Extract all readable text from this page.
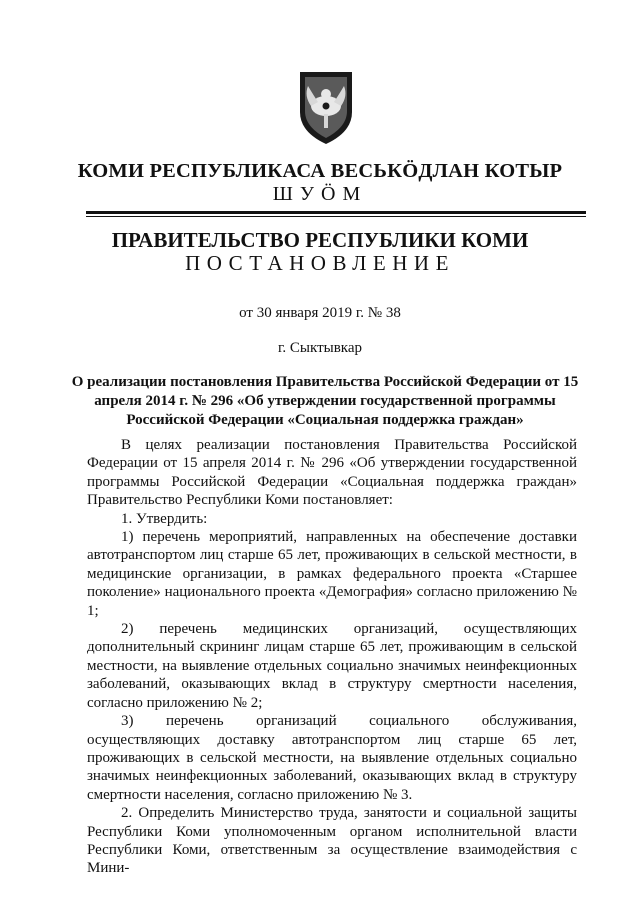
КОМИ РЕСПУБЛИКАСА ВЕСЬКӦДЛАН КОТЫР
ШУӦМ
ПРАВИТЕЛЬСТВО РЕСПУБЛИКИ КОМИ
ПОСТАНОВЛЕНИЕ
от 30 января 2019 г. № 38
г. Сыктывкар
О реализации постановления Правительства Российской Федерации от 15 апреля 2014 г. № 296 «Об утверждении государственной программы Российской Федерации «Социальная поддержка граждан»

В целях реализации постановления Правительства Российской Федерации от 15 апреля 2014 г. № 296 «Об утверждении государственной программы Российской Федерации «Социальная поддержка граждан» Правительство Республики Коми постановляет:

1. Утвердить:

1) перечень мероприятий, направленных на обеспечение доставки автотранспортом лиц старше 65 лет, проживающих в сельской местности, в медицинские организации, в рамках федерального проекта «Старшее поколение» национального проекта «Демография» согласно приложению № 1;

2) перечень медицинских организаций, осуществляющих дополнительный скрининг лицам старше 65 лет, проживающим в сельской местности, на выявление отдельных социально значимых неинфекционных заболеваний, оказывающих вклад в структуру смертности населения, согласно приложению № 2;

3) перечень организаций социального обслуживания, осуществляющих доставку автотранспортом лиц старше 65 лет, проживающих в сельской местности, на выявление отдельных социально значимых неинфекционных заболеваний, оказывающих вклад в структуру смертности населения, согласно приложению № 3.

2. Определить Министерство труда, занятости и социальной защиты Республики Коми уполномоченным органом исполнительной власти Республики Коми, ответственным за осуществление взаимодействия с Мини-
